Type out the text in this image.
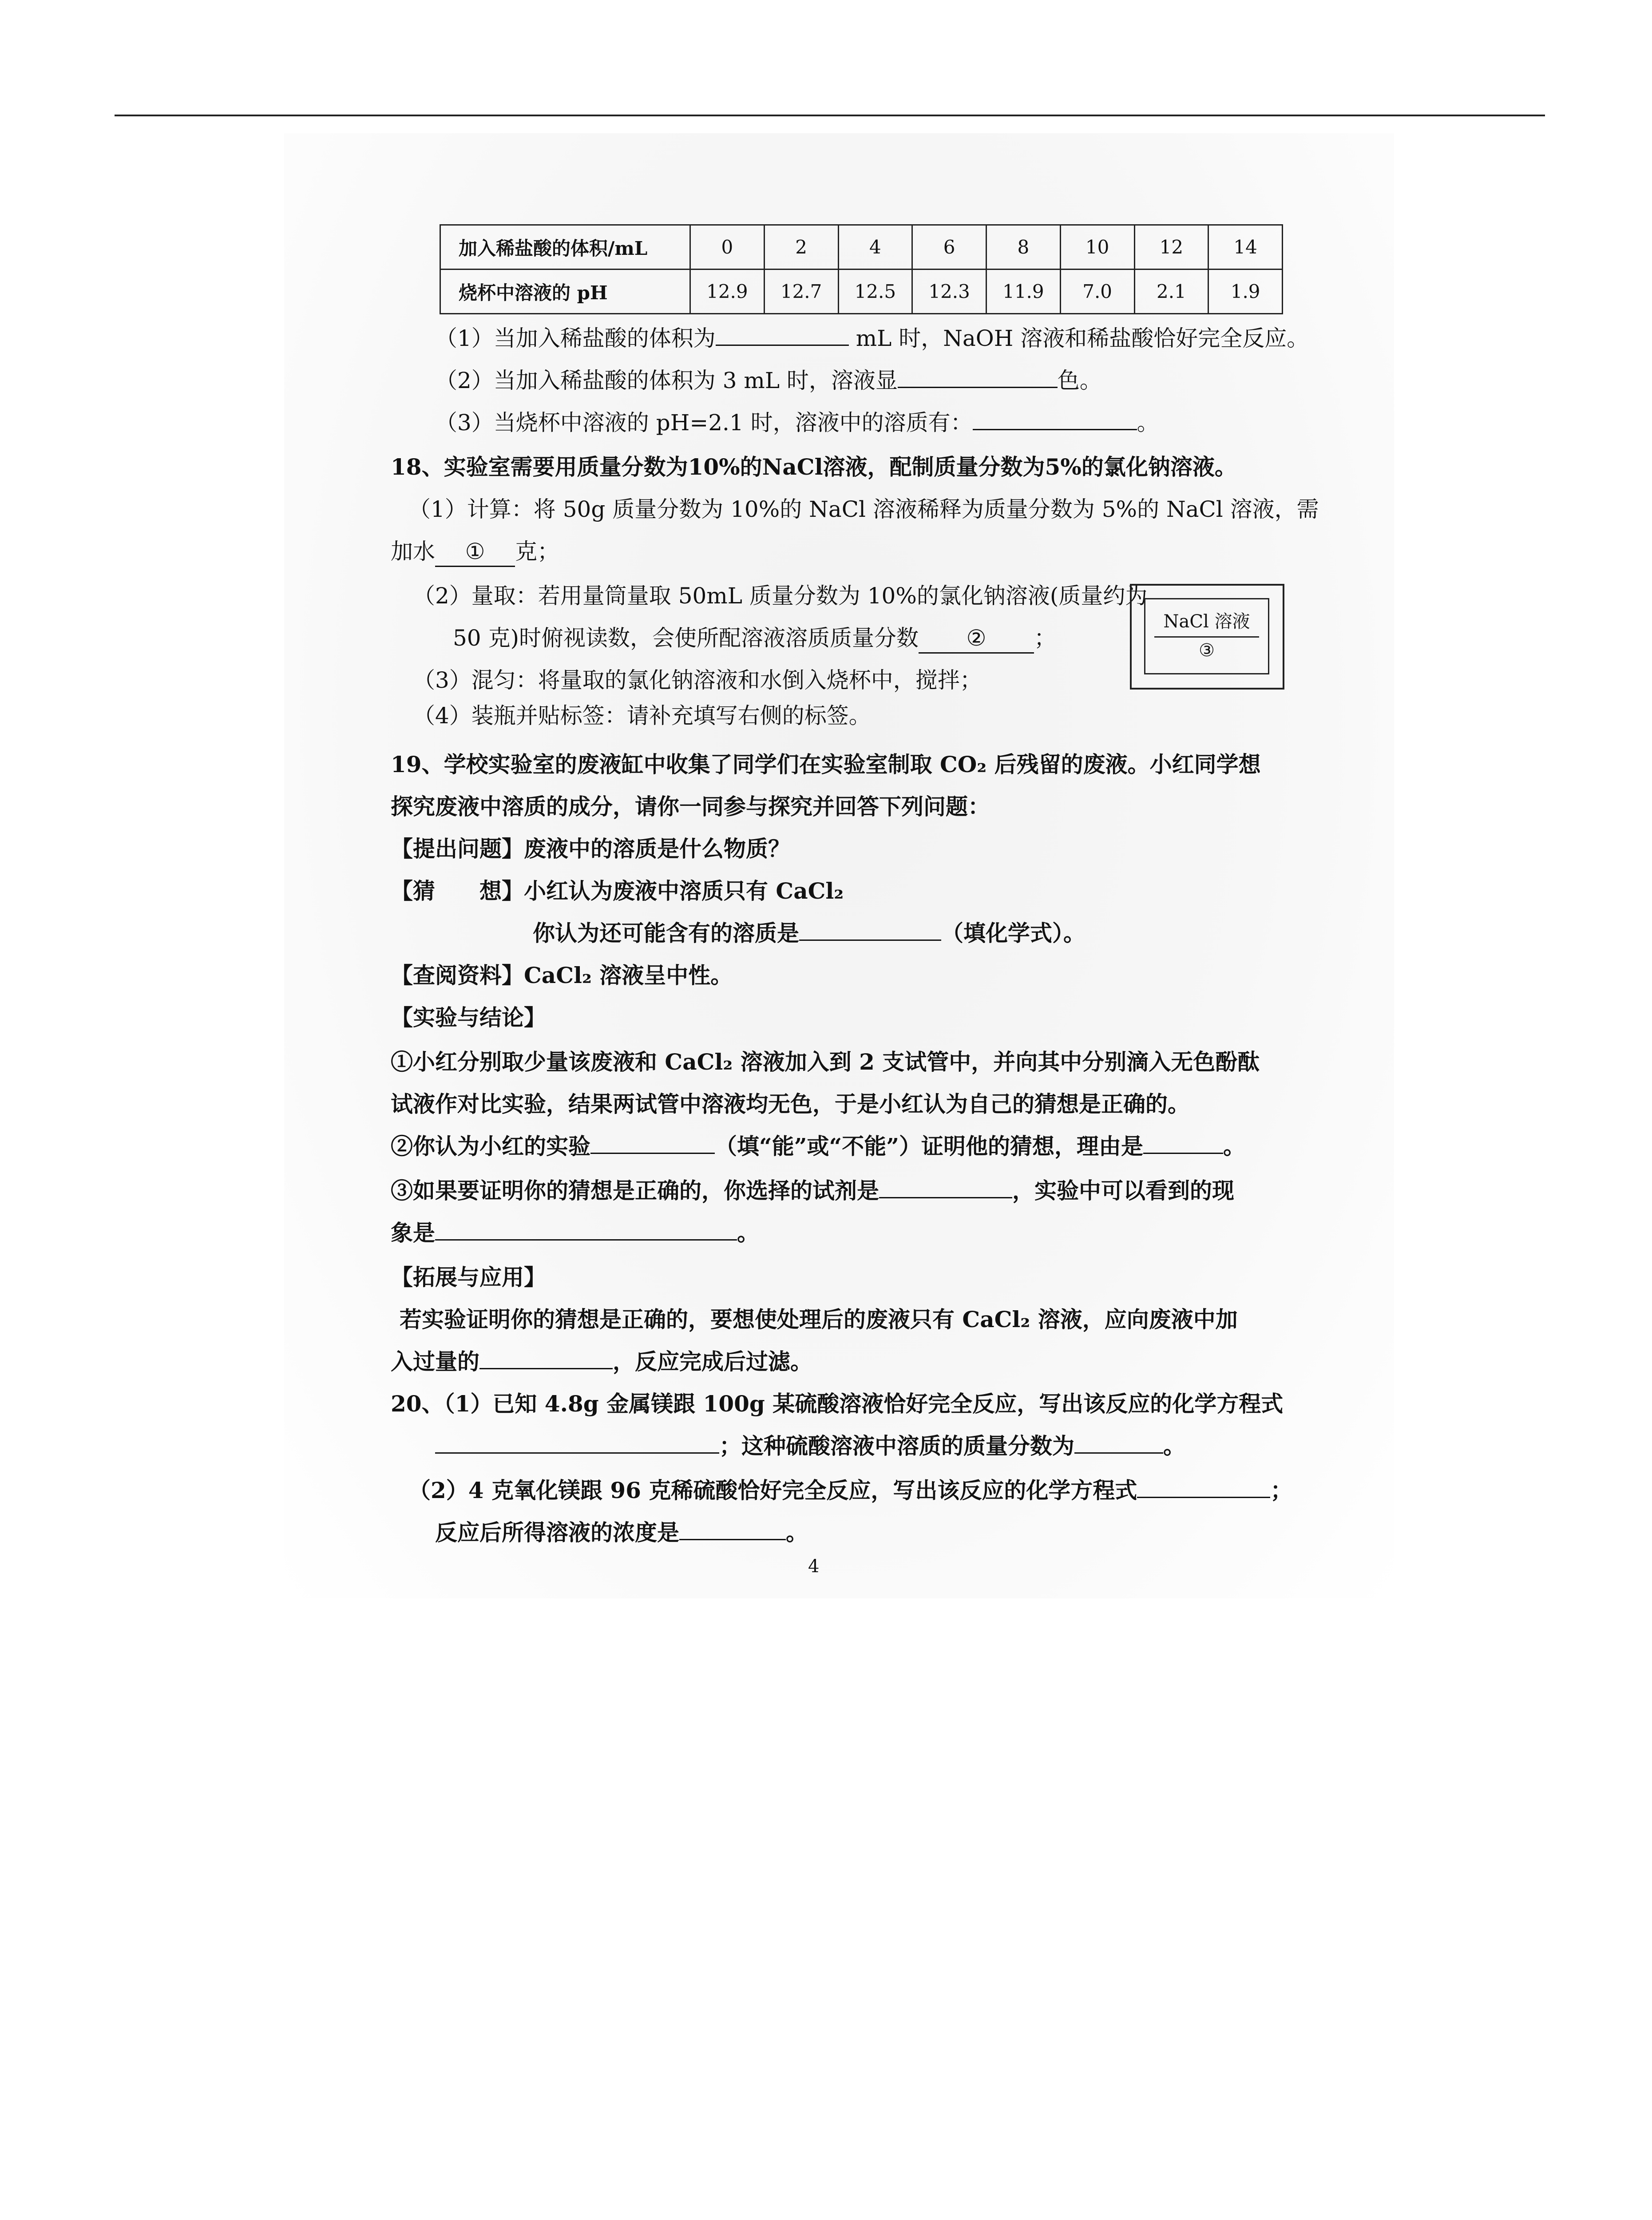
加入稀盐酸的体积/mL	0	2	4	6	8	10	12	14
烧杯中溶液的 pH	12.9	12.7	12.5	12.3	11.9	7.0	2.1	1.9
（1）当加入稀盐酸的体积为	mL 时，NaOH 溶液和稀盐酸恰好完全反应。
（2）当加入稀盐酸的体积为 3 mL 时，溶液显	色。
（3）当烧杯中溶液的 pH=2.1 时，溶液中的溶质有：	。
18、实验室需要用质量分数为10%的NaCl溶液，配制质量分数为5%的氯化钠溶液。
（1）计算：将 50g 质量分数为 10%的 NaCl 溶液稀释为质量分数为 5%的 NaCl 溶液，需
加水 ① 克；
（2）量取：若用量筒量取 50mL 质量分数为 10%的氯化钠溶液(质量约为
50 克)时俯视读数，会使所配溶液溶质质量分数 ② ；
（3）混匀：将量取的氯化钠溶液和水倒入烧杯中，搅拌；
（4）装瓶并贴标签：请补充填写右侧的标签。
NaCl 溶液
③
19、学校实验室的废液缸中收集了同学们在实验室制取 CO₂ 后残留的废液。小红同学想
探究废液中溶质的成分，请你一同参与探究并回答下列问题：
【提出问题】废液中的溶质是什么物质？
【猜　　想】小红认为废液中溶质只有 CaCl₂
你认为还可能含有的溶质是	（填化学式）。
【查阅资料】CaCl₂ 溶液呈中性。
【实验与结论】
①小红分别取少量该废液和 CaCl₂ 溶液加入到 2 支试管中，并向其中分别滴入无色酚酞
试液作对比实验，结果两试管中溶液均无色，于是小红认为自己的猜想是正确的。
②你认为小红的实验	（填“能”或“不能”）证明他的猜想，理由是	。
③如果要证明你的猜想是正确的，你选择的试剂是	，实验中可以看到的现
象是	。
【拓展与应用】
若实验证明你的猜想是正确的，要想使处理后的废液只有 CaCl₂ 溶液，应向废液中加
入过量的	，反应完成后过滤。
20、（1）已知 4.8g 金属镁跟 100g 某硫酸溶液恰好完全反应，写出该反应的化学方程式
；这种硫酸溶液中溶质的质量分数为	。
（2）4 克氧化镁跟 96 克稀硫酸恰好完全反应，写出该反应的化学方程式	；
反应后所得溶液的浓度是	。
4
